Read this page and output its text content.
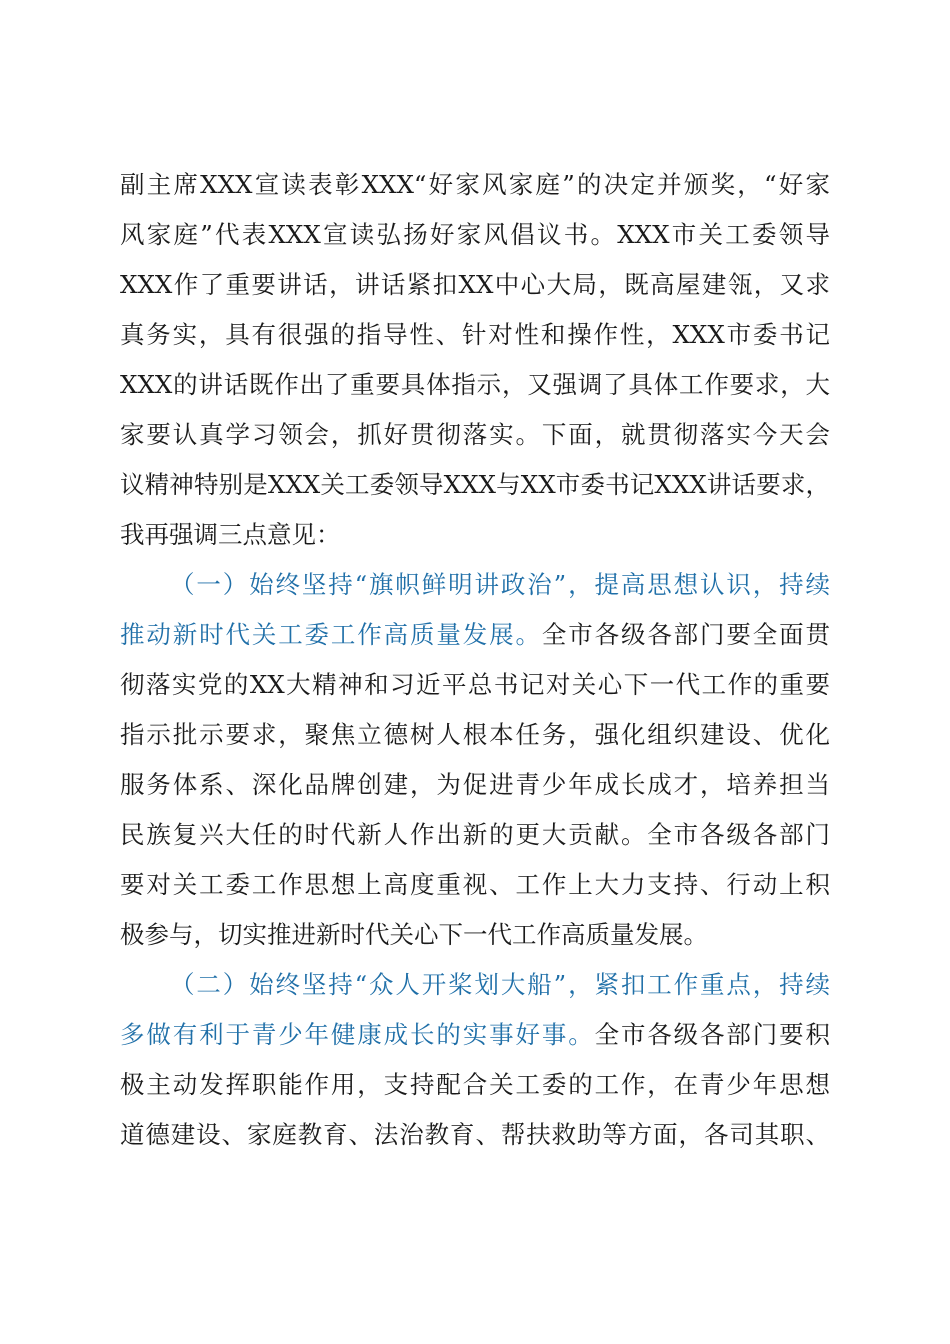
副主席XXX宣读表彰XXX“好家风家庭”的决定并颁奖，“好家
风家庭”代表XXX宣读弘扬好家风倡议书。XXX市关工委领导
XXX作了重要讲话，讲话紧扣XX中心大局，既高屋建瓴，又求
真务实，具有很强的指导性、针对性和操作性，XXX市委书记
XXX的讲话既作出了重要具体指示，又强调了具体工作要求，大
家要认真学习领会，抓好贯彻落实。下面，就贯彻落实今天会
议精神特别是XXX关工委领导XXX与XX市委书记XXX讲话要求，
我再强调三点意见：
（一）始终坚持“旗帜鲜明讲政治”，提高思想认识，持续
推动新时代关工委工作高质量发展。全市各级各部门要全面贯
彻落实党的XX大精神和习近平总书记对关心下一代工作的重要
指示批示要求，聚焦立德树人根本任务，强化组织建设、优化
服务体系、深化品牌创建，为促进青少年成长成才，培养担当
民族复兴大任的时代新人作出新的更大贡献。全市各级各部门
要对关工委工作思想上高度重视、工作上大力支持、行动上积
极参与，切实推进新时代关心下一代工作高质量发展。
（二）始终坚持“众人开桨划大船”，紧扣工作重点，持续
多做有利于青少年健康成长的实事好事。全市各级各部门要积
极主动发挥职能作用，支持配合关工委的工作，在青少年思想
道德建设、家庭教育、法治教育、帮扶救助等方面，各司其职、
